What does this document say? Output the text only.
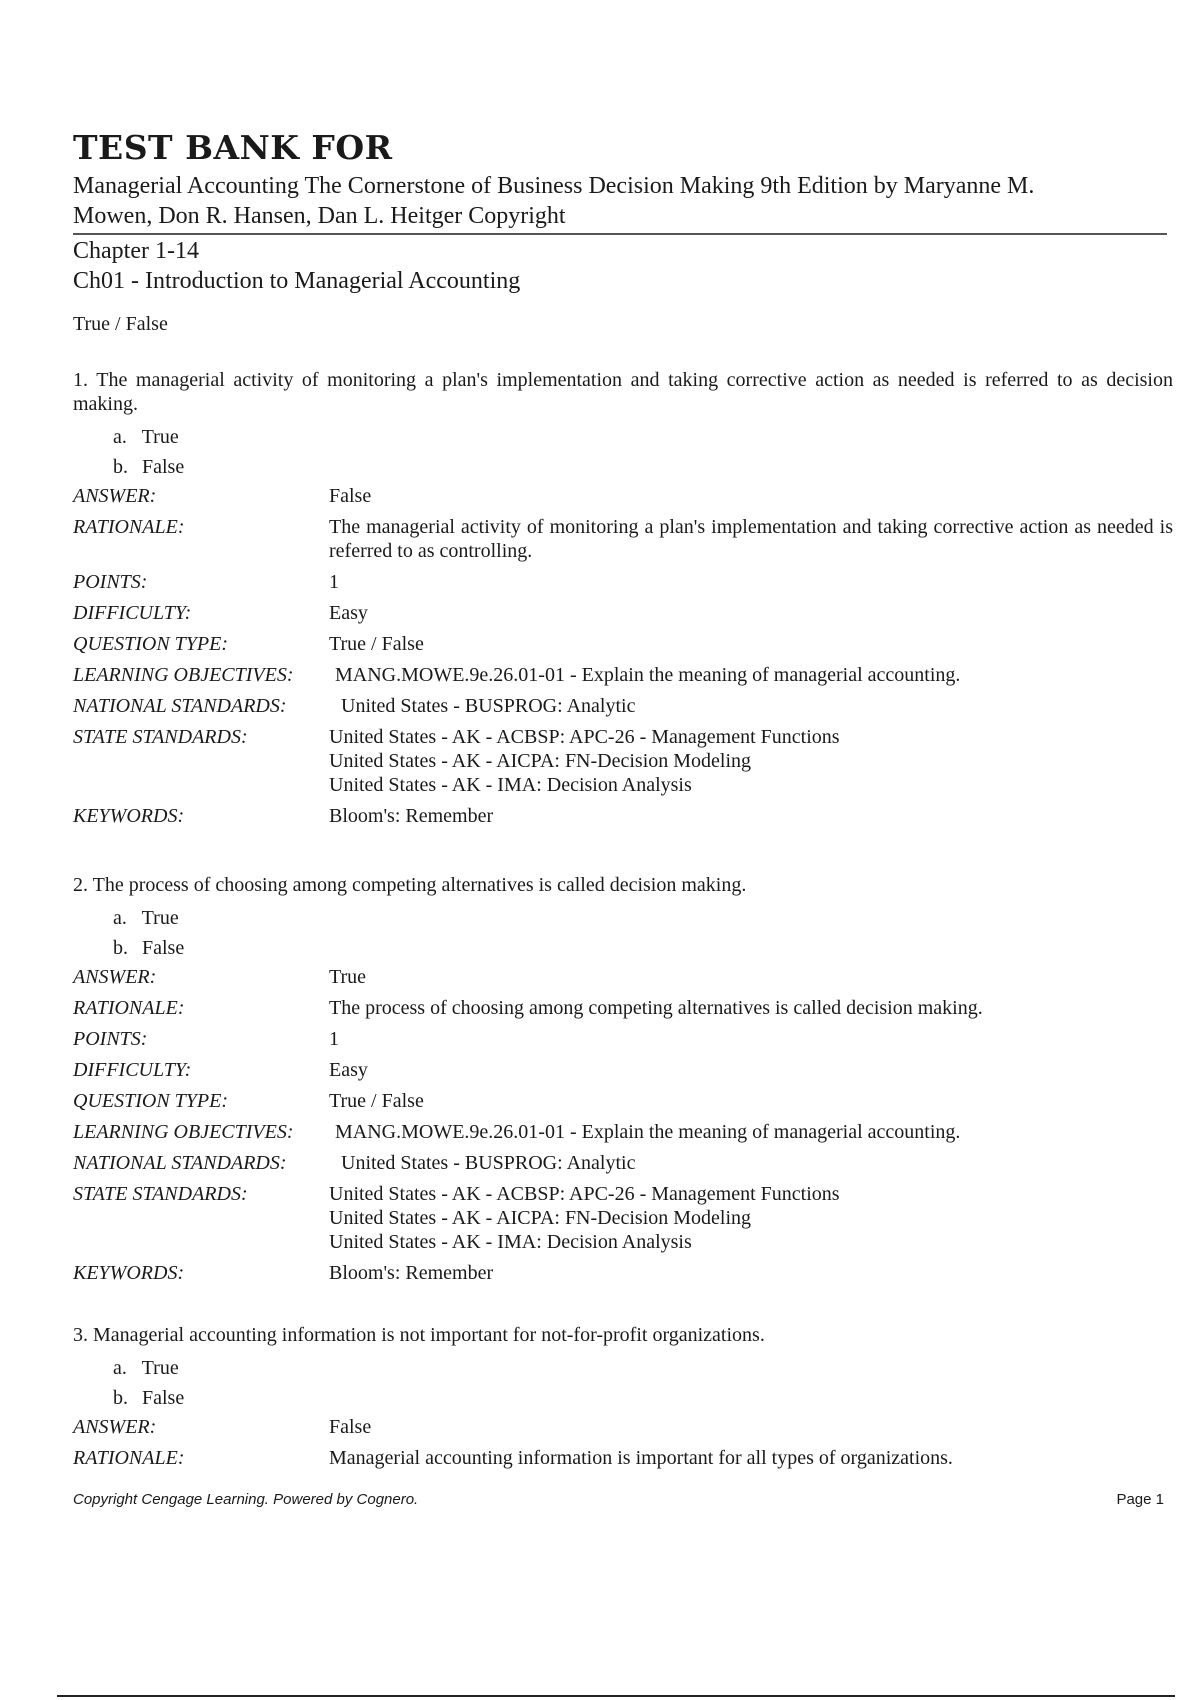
TEST BANK FOR
Managerial Accounting The Cornerstone of Business Decision Making 9th Edition by Maryanne M.
Mowen, Don R. Hansen, Dan L. Heitger Copyright
Chapter 1-14
Ch01 - Introduction to Managerial Accounting
True / False
1. The managerial activity of monitoring a plan's implementation and taking corrective action as needed is referred to as decision making.
a. True
b. False
ANSWER:	False
RATIONALE:	The managerial activity of monitoring a plan's implementation and taking corrective action as needed is referred to as controlling.
POINTS:	1
DIFFICULTY:	Easy
QUESTION TYPE:	True / False
LEARNING OBJECTIVES:	MANG.MOWE.9e.26.01-01 - Explain the meaning of managerial accounting.
NATIONAL STANDARDS:	United States - BUSPROG: Analytic
STATE STANDARDS:	United States - AK - ACBSP: APC-26 - Management Functions
United States - AK - AICPA: FN-Decision Modeling
United States - AK - IMA: Decision Analysis
KEYWORDS:	Bloom's: Remember
2. The process of choosing among competing alternatives is called decision making.
a. True
b. False
ANSWER:	True
RATIONALE:	The process of choosing among competing alternatives is called decision making.
POINTS:	1
DIFFICULTY:	Easy
QUESTION TYPE:	True / False
LEARNING OBJECTIVES:	MANG.MOWE.9e.26.01-01 - Explain the meaning of managerial accounting.
NATIONAL STANDARDS:	United States - BUSPROG: Analytic
STATE STANDARDS:	United States - AK - ACBSP: APC-26 - Management Functions
United States - AK - AICPA: FN-Decision Modeling
United States - AK - IMA: Decision Analysis
KEYWORDS:	Bloom's: Remember
3. Managerial accounting information is not important for not-for-profit organizations.
a. True
b. False
ANSWER:	False
RATIONALE:	Managerial accounting information is important for all types of organizations.
Copyright Cengage Learning. Powered by Cognero.	Page 1
